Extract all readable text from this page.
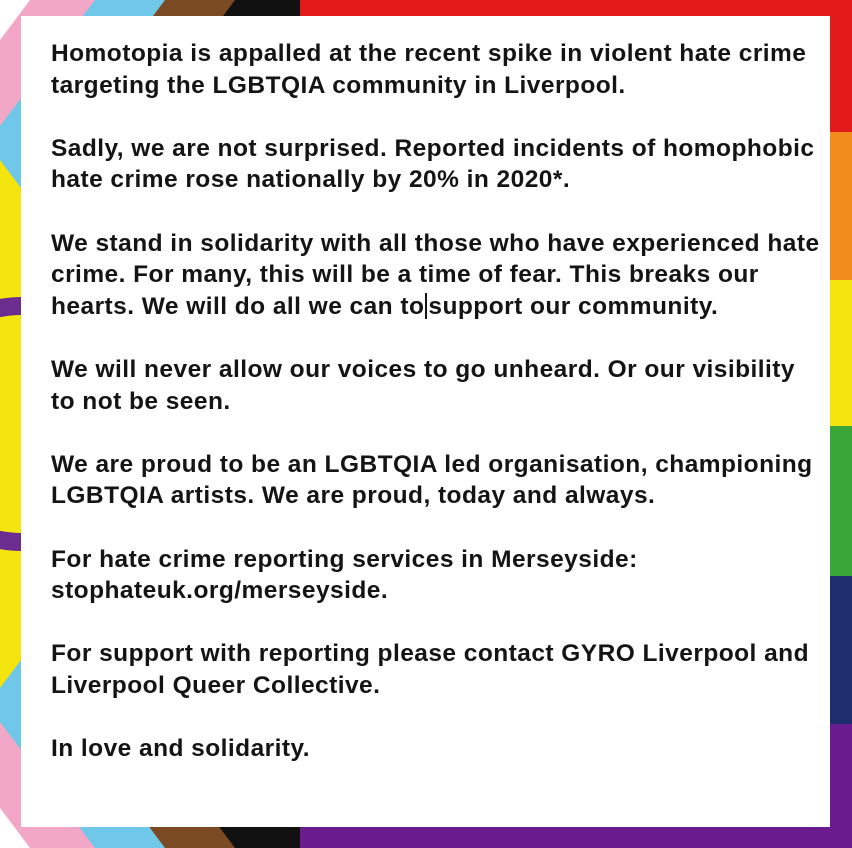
Homotopia is appalled at the recent spike in violent hate crime targeting the LGBTQIA community in Liverpool.

Sadly, we are not surprised. Reported incidents of homophobic hate crime rose nationally by 20% in 2020*.

We stand in solidarity with all those who have experienced hate crime. For many, this will be a time of fear. This breaks our hearts. We will do all we can to support our community.

We will never allow our voices to go unheard. Or our visibility to not be seen.

We are proud to be an LGBTQIA led organisation, championing LGBTQIA artists. We are proud, today and always.

For hate crime reporting services in Merseyside: stophateuk.org/merseyside.

For support with reporting please contact GYRO Liverpool and Liverpool Queer Collective.

In love and solidarity.
